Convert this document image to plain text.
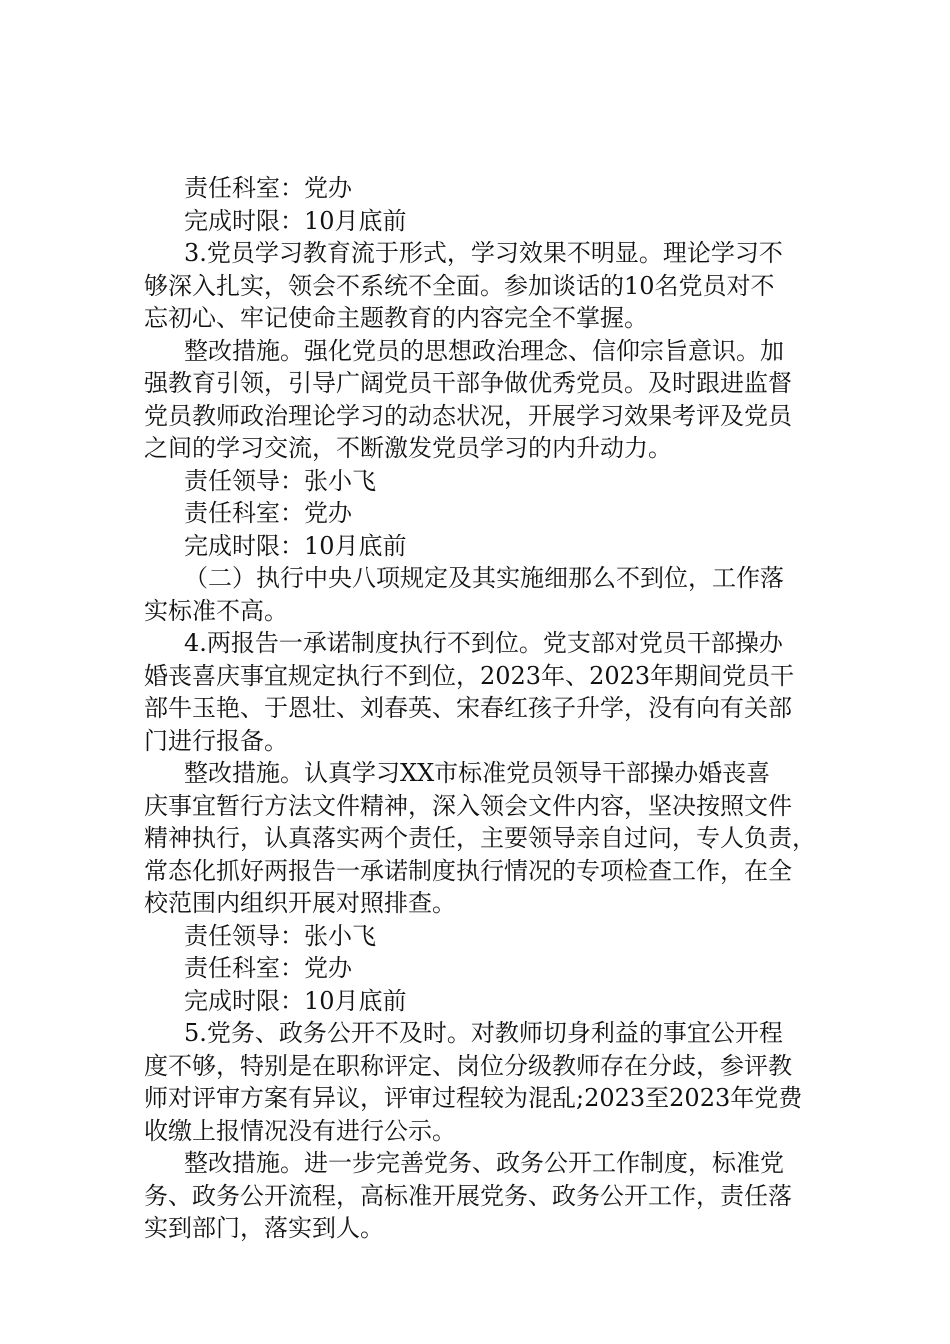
责任科室：党办

完成时限：10月底前

3.党员学习教育流于形式，学习效果不明显。理论学习不
够深入扎实，领会不系统不全面。参加谈话的10名党员对不
忘初心、牢记使命主题教育的内容完全不掌握。

整改措施。强化党员的思想政治理念、信仰宗旨意识。加
强教育引领，引导广阔党员干部争做优秀党员。及时跟进监督
党员教师政治理论学习的动态状况，开展学习效果考评及党员
之间的学习交流，不断激发党员学习的内升动力。

责任领导：张小飞

责任科室：党办

完成时限：10月底前

（二）执行中央八项规定及其实施细那么不到位，工作落
实标准不高。

4.两报告一承诺制度执行不到位。党支部对党员干部操办
婚丧喜庆事宜规定执行不到位，2023年、2023年期间党员干
部牛玉艳、于恩壮、刘春英、宋春红孩子升学，没有向有关部
门进行报备。

整改措施。认真学习XX市标准党员领导干部操办婚丧喜
庆事宜暂行方法文件精神，深入领会文件内容，坚决按照文件
精神执行，认真落实两个责任，主要领导亲自过问，专人负责，
常态化抓好两报告一承诺制度执行情况的专项检查工作，在全
校范围内组织开展对照排查。

责任领导：张小飞

责任科室：党办

完成时限：10月底前

5.党务、政务公开不及时。对教师切身利益的事宜公开程
度不够，特别是在职称评定、岗位分级教师存在分歧，参评教
师对评审方案有异议，评审过程较为混乱;2023至2023年党费
收缴上报情况没有进行公示。

整改措施。进一步完善党务、政务公开工作制度，标准党
务、政务公开流程，高标准开展党务、政务公开工作，责任落
实到部门，落实到人。
